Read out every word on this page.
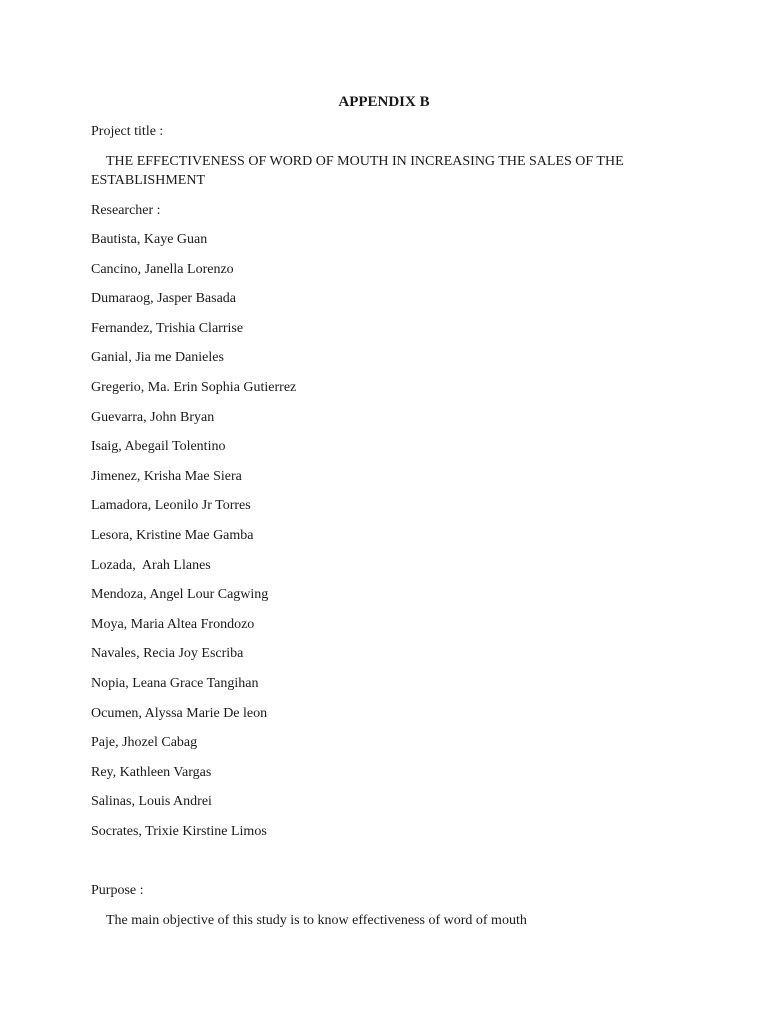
APPENDIX B
Project title :
THE EFFECTIVENESS OF WORD OF MOUTH IN INCREASING THE SALES OF THE ESTABLISHMENT
Researcher :
Bautista, Kaye Guan
Cancino, Janella Lorenzo
Dumaraog, Jasper Basada
Fernandez, Trishia Clarrise
Ganial, Jia me Danieles
Gregerio, Ma. Erin Sophia Gutierrez
Guevarra, John Bryan
Isaig, Abegail Tolentino
Jimenez, Krisha Mae Siera
Lamadora, Leonilo Jr Torres
Lesora, Kristine Mae Gamba
Lozada,  Arah Llanes
Mendoza, Angel Lour Cagwing
Moya, Maria Altea Frondozo
Navales, Recia Joy Escriba
Nopia, Leana Grace Tangihan
Ocumen, Alyssa Marie De leon
Paje, Jhozel Cabag
Rey, Kathleen Vargas
Salinas, Louis Andrei
Socrates, Trixie Kirstine Limos
Purpose :
The main objective of this study is to know effectiveness of word of mouth
